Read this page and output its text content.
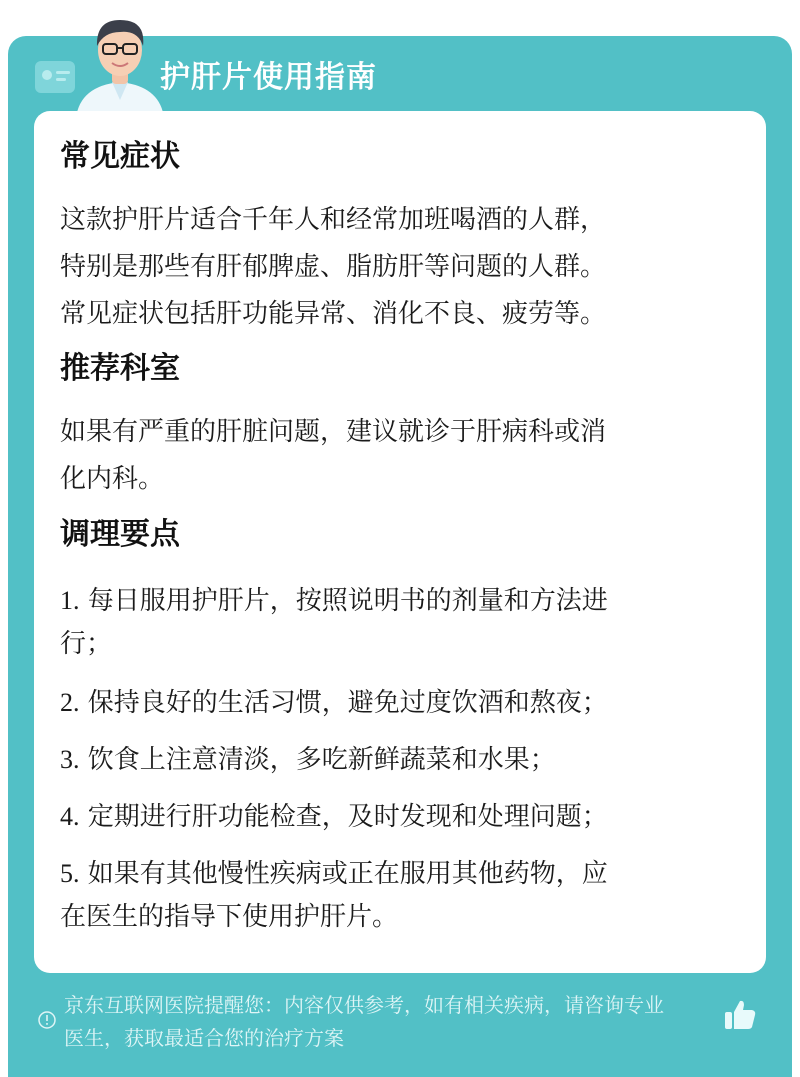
护肝片使用指南
常见症状
这款护肝片适合千年人和经常加班喝酒的人群，
特别是那些有肝郁脾虚、脂肪肝等问题的人群。
常见症状包括肝功能异常、消化不良、疲劳等。
推荐科室
如果有严重的肝脏问题，建议就诊于肝病科或消
化内科。
调理要点
1. 每日服用护肝片，按照说明书的剂量和方法进
行；
2. 保持良好的生活习惯，避免过度饮酒和熬夜；
3. 饮食上注意清淡，多吃新鲜蔬菜和水果；
4. 定期进行肝功能检查，及时发现和处理问题；
5. 如果有其他慢性疾病或正在服用其他药物，应
在医生的指导下使用护肝片。
京东互联网医院提醒您：内容仅供参考，如有相关疾病，请咨询专业
医生，获取最适合您的治疗方案
